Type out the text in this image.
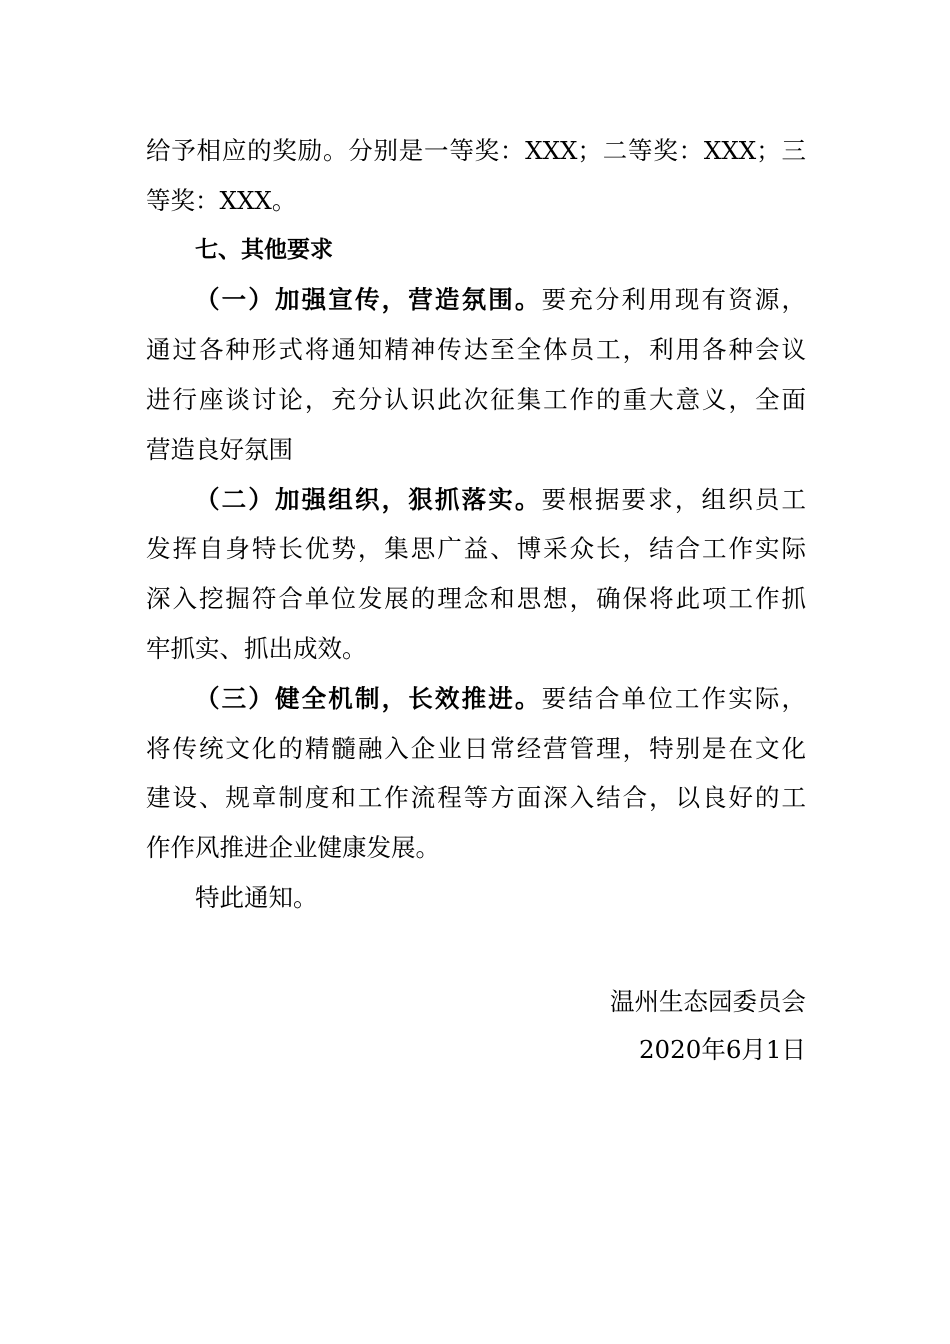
给予相应的奖励。分别是一等奖：XXX；二等奖：XXX；三
等奖：XXX。
七、其他要求
（一）加强宣传，营造氛围。要充分利用现有资源，
通过各种形式将通知精神传达至全体员工，利用各种会议
进行座谈讨论，充分认识此次征集工作的重大意义，全面
营造良好氛围
（二）加强组织，狠抓落实。要根据要求，组织员工
发挥自身特长优势，集思广益、博采众长，结合工作实际
深入挖掘符合单位发展的理念和思想，确保将此项工作抓
牢抓实、抓出成效。
（三）健全机制，长效推进。要结合单位工作实际，
将传统文化的精髓融入企业日常经营管理，特别是在文化
建设、规章制度和工作流程等方面深入结合，以良好的工
作作风推进企业健康发展。
特此通知。
温州生态园委员会
2020年6月1日
